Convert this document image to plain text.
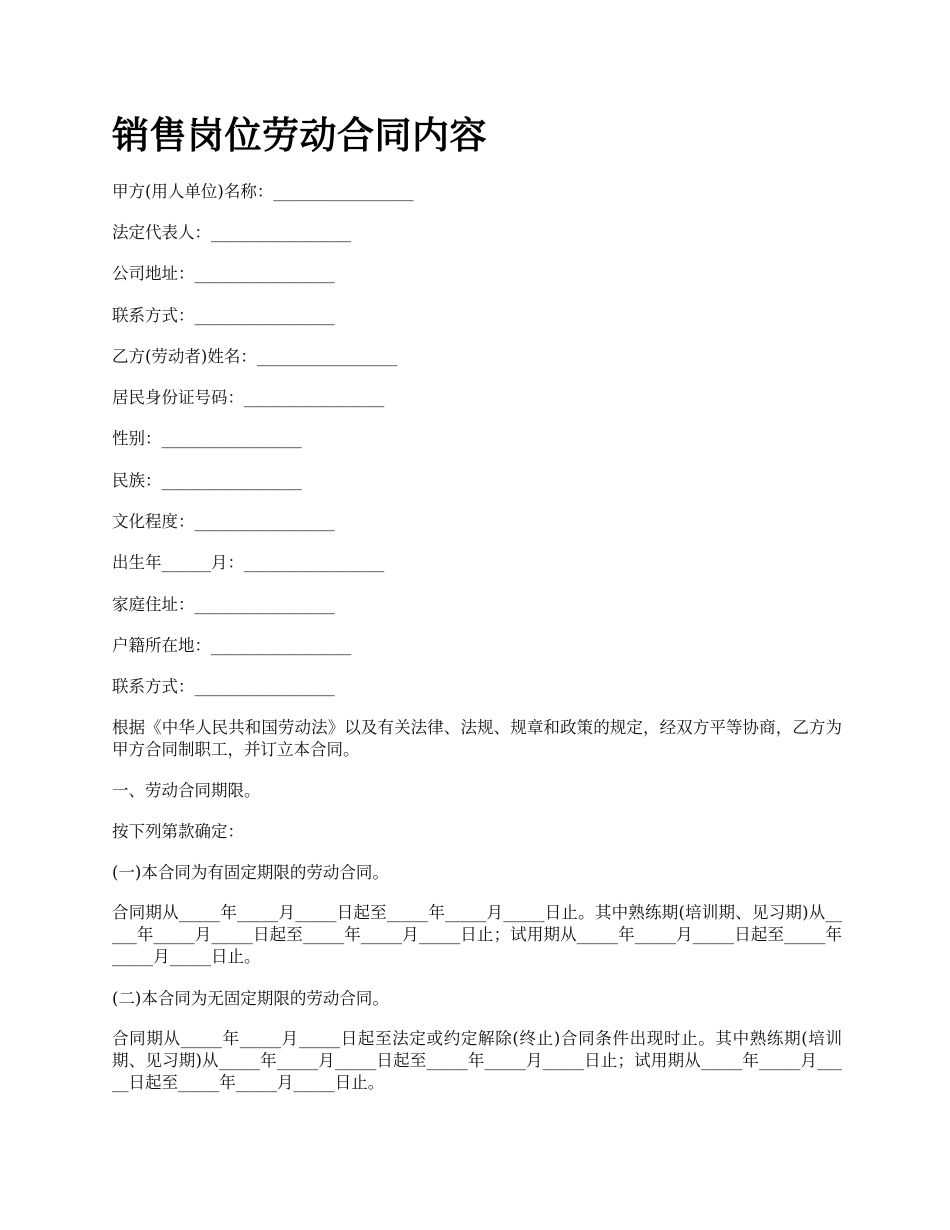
销售岗位劳动合同内容

甲方(用人单位)名称：_________________

法定代表人：_________________

公司地址：_________________

联系方式：_________________

乙方(劳动者)姓名：_________________

居民身份证号码：_________________

性别：_________________

民族：_________________

文化程度：_________________

出生年______月：_________________

家庭住址：_________________

户籍所在地：_________________

联系方式：_________________

根据《中华人民共和国劳动法》以及有关法律、法规、规章和政策的规定，经双方平等协商，乙方为甲方合同制职工，并订立本合同。

一、劳动合同期限。

按下列第款确定：

(一)本合同为有固定期限的劳动合同。

合同期从_____年_____月_____日起至_____年_____月_____日止。其中熟练期(培训期、见习期)从_____年_____月_____日起至_____年_____月_____日止；试用期从_____年_____月_____日起至_____年_____月_____日止。

(二)本合同为无固定期限的劳动合同。

合同期从_____年_____月_____日起至法定或约定解除(终止)合同条件出现时止。其中熟练期(培训期、见习期)从_____年_____月_____日起至_____年_____月_____日止；试用期从_____年_____月_____日起至_____年_____月_____日止。
